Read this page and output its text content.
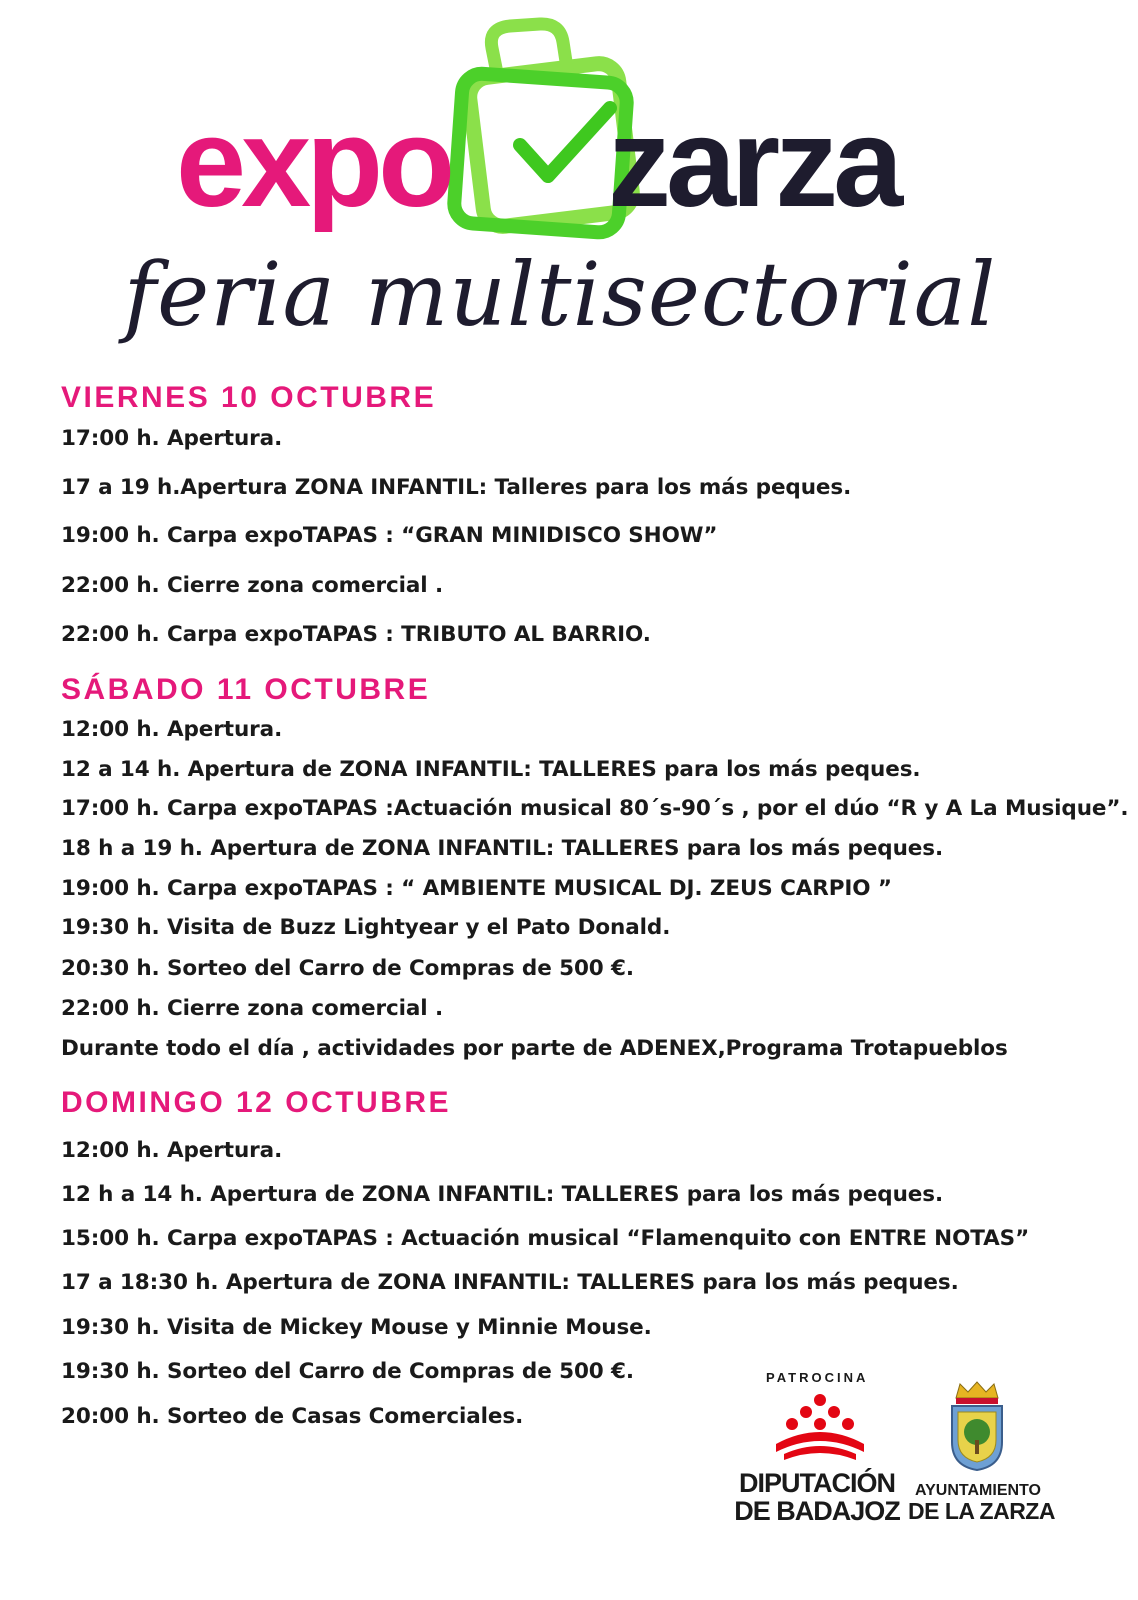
expo zarza
feria multisectorial
VIERNES 10 OCTUBRE
17:00 h. Apertura.
17 a 19 h.Apertura ZONA INFANTIL: Talleres para los más peques.
19:00 h. Carpa expoTAPAS : “GRAN MINIDISCO SHOW”
22:00 h. Cierre zona comercial .
22:00 h. Carpa expoTAPAS : TRIBUTO AL BARRIO.
SÁBADO 11 OCTUBRE
12:00 h. Apertura.
12 a 14 h. Apertura de ZONA INFANTIL: TALLERES para los más peques.
17:00 h. Carpa expoTAPAS :Actuación musical 80´s-90´s , por el dúo “R y A La Musique”.
18 h a 19 h. Apertura de ZONA INFANTIL: TALLERES para los más peques.
19:00 h. Carpa expoTAPAS : “ AMBIENTE MUSICAL DJ. ZEUS CARPIO ”
19:30 h. Visita de Buzz Lightyear y el Pato Donald.
20:30 h. Sorteo del Carro de Compras de 500 €.
22:00 h. Cierre zona comercial .
Durante todo el día , actividades por parte de ADENEX,Programa Trotapueblos
DOMINGO 12 OCTUBRE
12:00 h. Apertura.
12 h a 14 h. Apertura de ZONA INFANTIL: TALLERES para los más peques.
15:00 h. Carpa expoTAPAS : Actuación musical “Flamenquito con ENTRE NOTAS”
17 a 18:30 h. Apertura de ZONA INFANTIL: TALLERES para los más peques.
19:30 h. Visita de Mickey Mouse y Minnie Mouse.
19:30 h. Sorteo del Carro de Compras de 500 €.
20:00 h. Sorteo de Casas Comerciales.
PATROCINA
DIPUTACIÓN
DE BADAJOZ
AYUNTAMIENTO
DE LA ZARZA
